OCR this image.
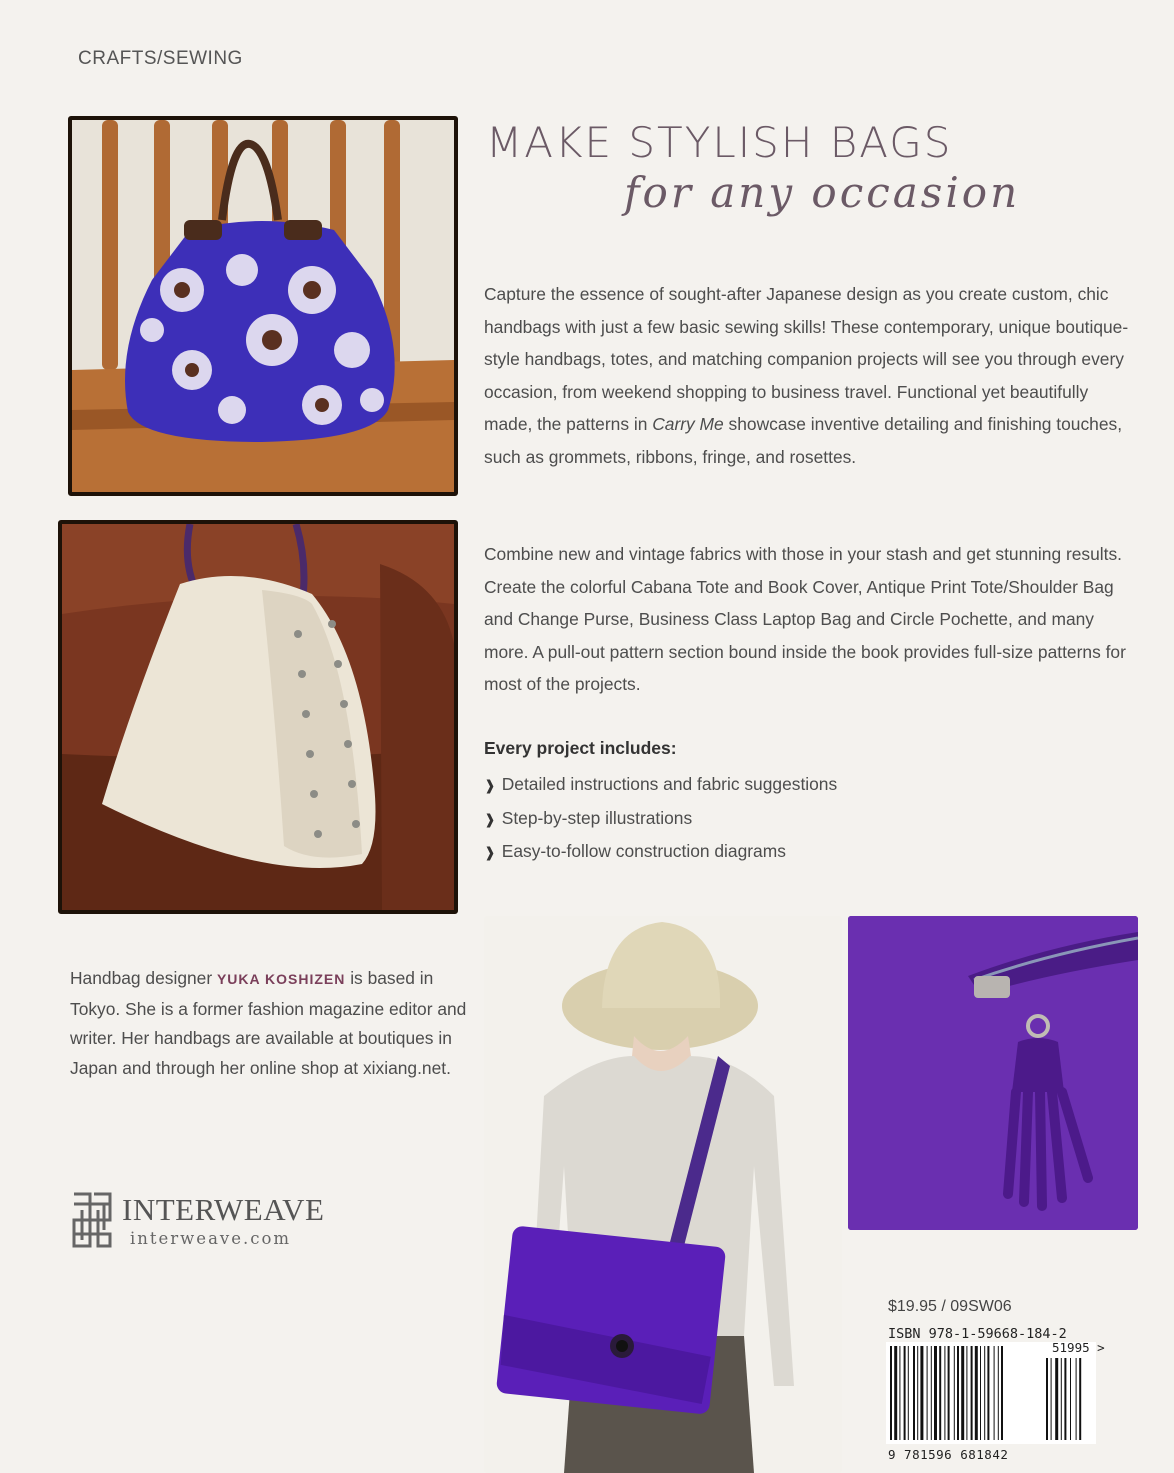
CRAFTS/SEWING
MAKE STYLISH BAGS
for any occasion
Capture the essence of sought-after Japanese design as you create custom, chic handbags with just a few basic sewing skills! These contemporary, unique boutique-style handbags, totes, and matching companion projects will see you through every occasion, from weekend shopping to business travel. Functional yet beautifully made, the patterns in Carry Me showcase inventive detailing and finishing touches, such as grommets, ribbons, fringe, and rosettes.
Combine new and vintage fabrics with those in your stash and get stunning results. Create the colorful Cabana Tote and Book Cover, Antique Print Tote/Shoulder Bag and Change Purse, Business Class Laptop Bag and Circle Pochette, and many more. A pull-out pattern section bound inside the book provides full-size patterns for most of the projects.
Every project includes:
❱ Detailed instructions and fabric suggestions
❱ Step-by-step illustrations
❱ Easy-to-follow construction diagrams
Handbag designer YUKA KOSHIZEN is based in Tokyo. She is a former fashion magazine editor and writer. Her handbags are available at boutiques in Japan and through her online shop at xixiang.net.
INTERWEAVE
interweave.com
$19.95 / 09SW06
ISBN 978-1-59668-184-2
51995 >
9 781596 681842
